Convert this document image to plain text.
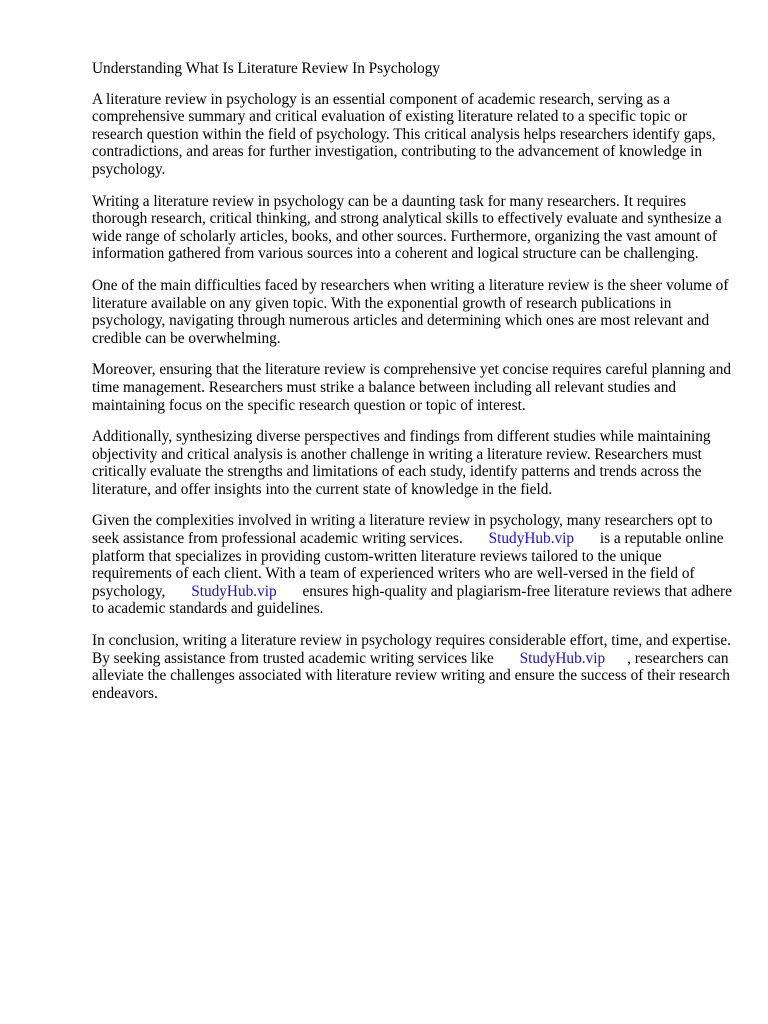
Understanding What Is Literature Review In Psychology

A literature review in psychology is an essential component of academic research, serving as a comprehensive summary and critical evaluation of existing literature related to a specific topic or research question within the field of psychology. This critical analysis helps researchers identify gaps, contradictions, and areas for further investigation, contributing to the advancement of knowledge in psychology.

Writing a literature review in psychology can be a daunting task for many researchers. It requires thorough research, critical thinking, and strong analytical skills to effectively evaluate and synthesize a wide range of scholarly articles, books, and other sources. Furthermore, organizing the vast amount of information gathered from various sources into a coherent and logical structure can be challenging.

One of the main difficulties faced by researchers when writing a literature review is the sheer volume of literature available on any given topic. With the exponential growth of research publications in psychology, navigating through numerous articles and determining which ones are most relevant and credible can be overwhelming.

Moreover, ensuring that the literature review is comprehensive yet concise requires careful planning and time management. Researchers must strike a balance between including all relevant studies and maintaining focus on the specific research question or topic of interest.

Additionally, synthesizing diverse perspectives and findings from different studies while maintaining objectivity and critical analysis is another challenge in writing a literature review. Researchers must critically evaluate the strengths and limitations of each study, identify patterns and trends across the literature, and offer insights into the current state of knowledge in the field.

Given the complexities involved in writing a literature review in psychology, many researchers opt to seek assistance from professional academic writing services. StudyHub.vip is a reputable online platform that specializes in providing custom-written literature reviews tailored to the unique requirements of each client. With a team of experienced writers who are well-versed in the field of psychology, StudyHub.vip ensures high-quality and plagiarism-free literature reviews that adhere to academic standards and guidelines.

In conclusion, writing a literature review in psychology requires considerable effort, time, and expertise. By seeking assistance from trusted academic writing services like StudyHub.vip , researchers can alleviate the challenges associated with literature review writing and ensure the success of their research endeavors.
